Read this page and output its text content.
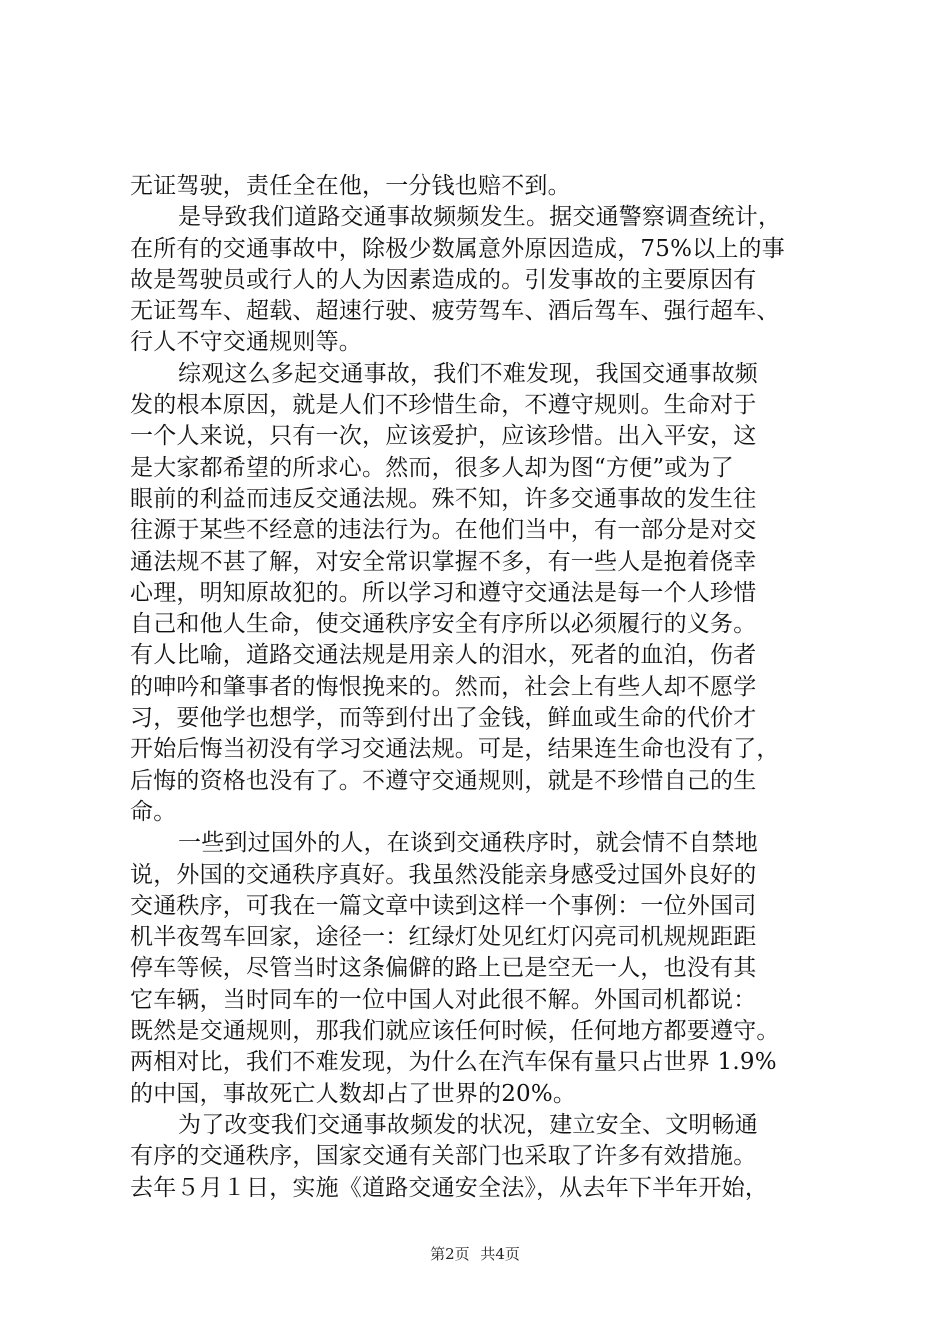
无证驾驶，责任全在他，一分钱也赔不到。
是导致我们道路交通事故频频发生。据交通警察调查统计，
在所有的交通事故中，除极少数属意外原因造成，75%以上的事
故是驾驶员或行人的人为因素造成的。引发事故的主要原因有
无证驾车、超载、超速行驶、疲劳驾车、酒后驾车、强行超车、
行人不守交通规则等。
综观这么多起交通事故，我们不难发现，我国交通事故频
发的根本原因，就是人们不珍惜生命，不遵守规则。生命对于
一个人来说，只有一次，应该爱护，应该珍惜。出入平安，这
是大家都希望的所求心。然而，很多人却为图“方便”或为了
眼前的利益而违反交通法规。殊不知，许多交通事故的发生往
往源于某些不经意的违法行为。在他们当中，有一部分是对交
通法规不甚了解，对安全常识掌握不多，有一些人是抱着侥幸
心理，明知原故犯的。所以学习和遵守交通法是每一个人珍惜
自己和他人生命，使交通秩序安全有序所以必须履行的义务。
有人比喻，道路交通法规是用亲人的泪水，死者的血泊，伤者
的呻吟和肇事者的悔恨挽来的。然而，社会上有些人却不愿学
习，要他学也想学，而等到付出了金钱，鲜血或生命的代价才
开始后悔当初没有学习交通法规。可是，结果连生命也没有了，
后悔的资格也没有了。不遵守交通规则，就是不珍惜自己的生
命。
一些到过国外的人，在谈到交通秩序时，就会情不自禁地
说，外国的交通秩序真好。我虽然没能亲身感受过国外良好的
交通秩序，可我在一篇文章中读到这样一个事例：一位外国司
机半夜驾车回家，途径一：红绿灯处见红灯闪亮司机规规距距
停车等候，尽管当时这条偏僻的路上已是空无一人，也没有其
它车辆，当时同车的一位中国人对此很不解。外国司机都说：
既然是交通规则，那我们就应该任何时候，任何地方都要遵守。
两相对比，我们不难发现，为什么在汽车保有量只占世界 1.9%
的中国，事故死亡人数却占了世界的20%。
为了改变我们交通事故频发的状况，建立安全、文明畅通
有序的交通秩序，国家交通有关部门也采取了许多有效措施。
去年５月１日，实施《道路交通安全法》，从去年下半年开始，
第2页 共4页
